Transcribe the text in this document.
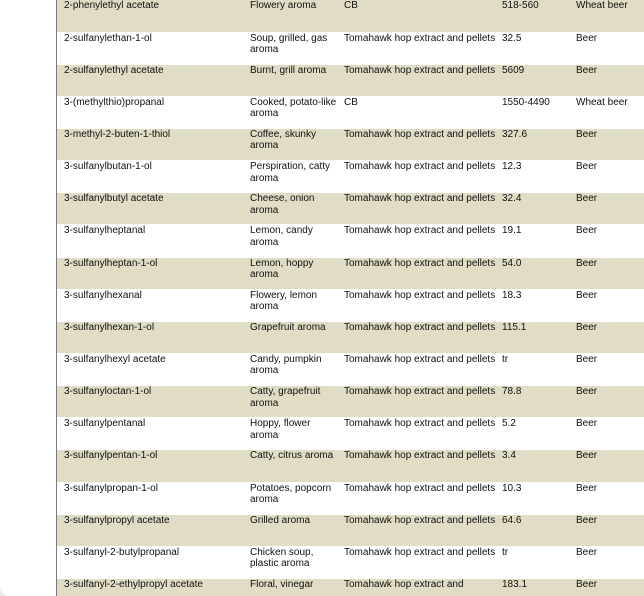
2-phenylethyl acetate	Flowery aroma	CB	518-560	Wheat beer
2-sulfanylethan-1-ol	Soup, grilled, gas aroma	Tomahawk hop extract and pellets	32.5	Beer
2-sulfanylethyl acetate	Burnt, grill aroma	Tomahawk hop extract and pellets	5609	Beer
3-(methylthio)propanal	Cooked, potato-like aroma	CB	1550-4490	Wheat beer
3-methyl-2-buten-1-thiol	Coffee, skunky aroma	Tomahawk hop extract and pellets	327.6	Beer
3-sulfanylbutan-1-ol	Perspiration, catty aroma	Tomahawk hop extract and pellets	12.3	Beer
3-sulfanylbutyl acetate	Cheese, onion aroma	Tomahawk hop extract and pellets	32.4	Beer
3-sulfanylheptanal	Lemon, candy aroma	Tomahawk hop extract and pellets	19.1	Beer
3-sulfanylheptan-1-ol	Lemon, hoppy aroma	Tomahawk hop extract and pellets	54.0	Beer
3-sulfanylhexanal	Flowery, lemon aroma	Tomahawk hop extract and pellets	18.3	Beer
3-sulfanylhexan-1-ol	Grapefruit aroma	Tomahawk hop extract and pellets	115.1	Beer
3-sulfanylhexyl acetate	Candy, pumpkin aroma	Tomahawk hop extract and pellets	tr	Beer
3-sulfanyloctan-1-ol	Catty, grapefruit aroma	Tomahawk hop extract and pellets	78.8	Beer
3-sulfanylpentanal	Hoppy, flower aroma	Tomahawk hop extract and pellets	5.2	Beer
3-sulfanylpentan-1-ol	Catty, citrus aroma	Tomahawk hop extract and pellets	3.4	Beer
3-sulfanylpropan-1-ol	Potatoes, popcorn aroma	Tomahawk hop extract and pellets	10.3	Beer
3-sulfanylpropyl acetate	Grilled aroma	Tomahawk hop extract and pellets	64.6	Beer
3-sulfanyl-2-butylpropanal	Chicken soup, plastic aroma	Tomahawk hop extract and pellets	tr	Beer
3-sulfanyl-2-ethylpropyl acetate	Floral, vinegar	Tomahawk hop extract and	183.1	Beer
